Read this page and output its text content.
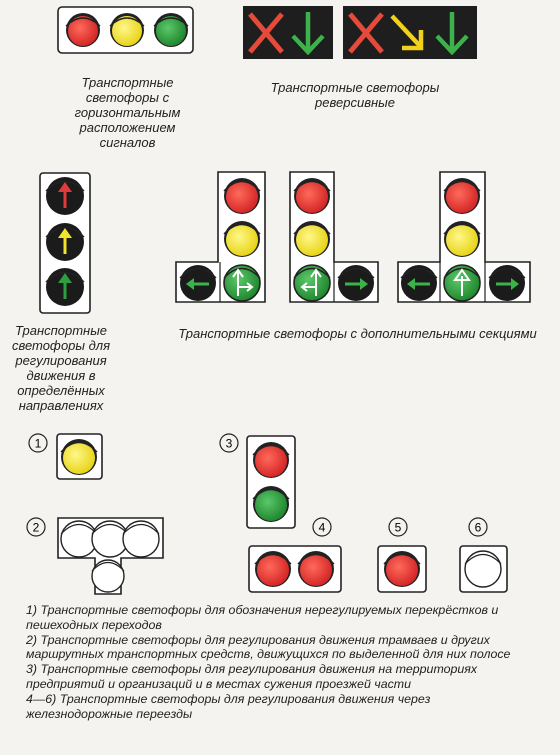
1
2
3
4	5	6
Транспортные светофоры с горизонтальным расположением сигналов
Транспортные светофоры реверсивные
Транспортные светофоры для регулирования движения в определённых направлениях
Транспортные светофоры с дополнительными секциями

1) Транспортные светофоры для обозначения нерегулируемых перекрёстков и пешеходных переходов

2) Транспортные светофоры для регулирования движения трамваев и других маршрутных транспортных средств, движущихся по выделенной для них полосе

3) Транспортные светофоры для регулирования движения на территориях предприятий и организаций и в местах сужения проезжей части

4—6) Транспортные светофоры для регулирования движения через железнодорожные переезды
